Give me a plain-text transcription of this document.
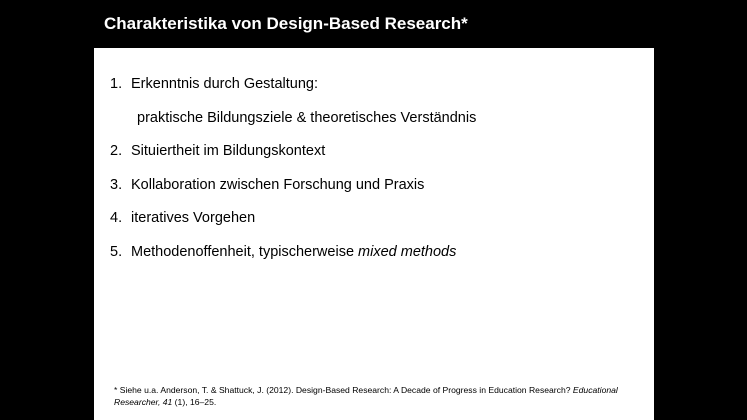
Charakteristika von Design-Based Research*
1. Erkenntnis durch Gestaltung:
praktische Bildungsziele & theoretisches Verständnis
2. Situiertheit im Bildungskontext
3. Kollaboration zwischen Forschung und Praxis
4. iteratives Vorgehen
5. Methodenoffenheit, typischerweise mixed methods
* Siehe u.a. Anderson, T. & Shattuck, J. (2012). Design-Based Research: A Decade of Progress in Education Research? Educational Researcher, 41 (1), 16–25.
